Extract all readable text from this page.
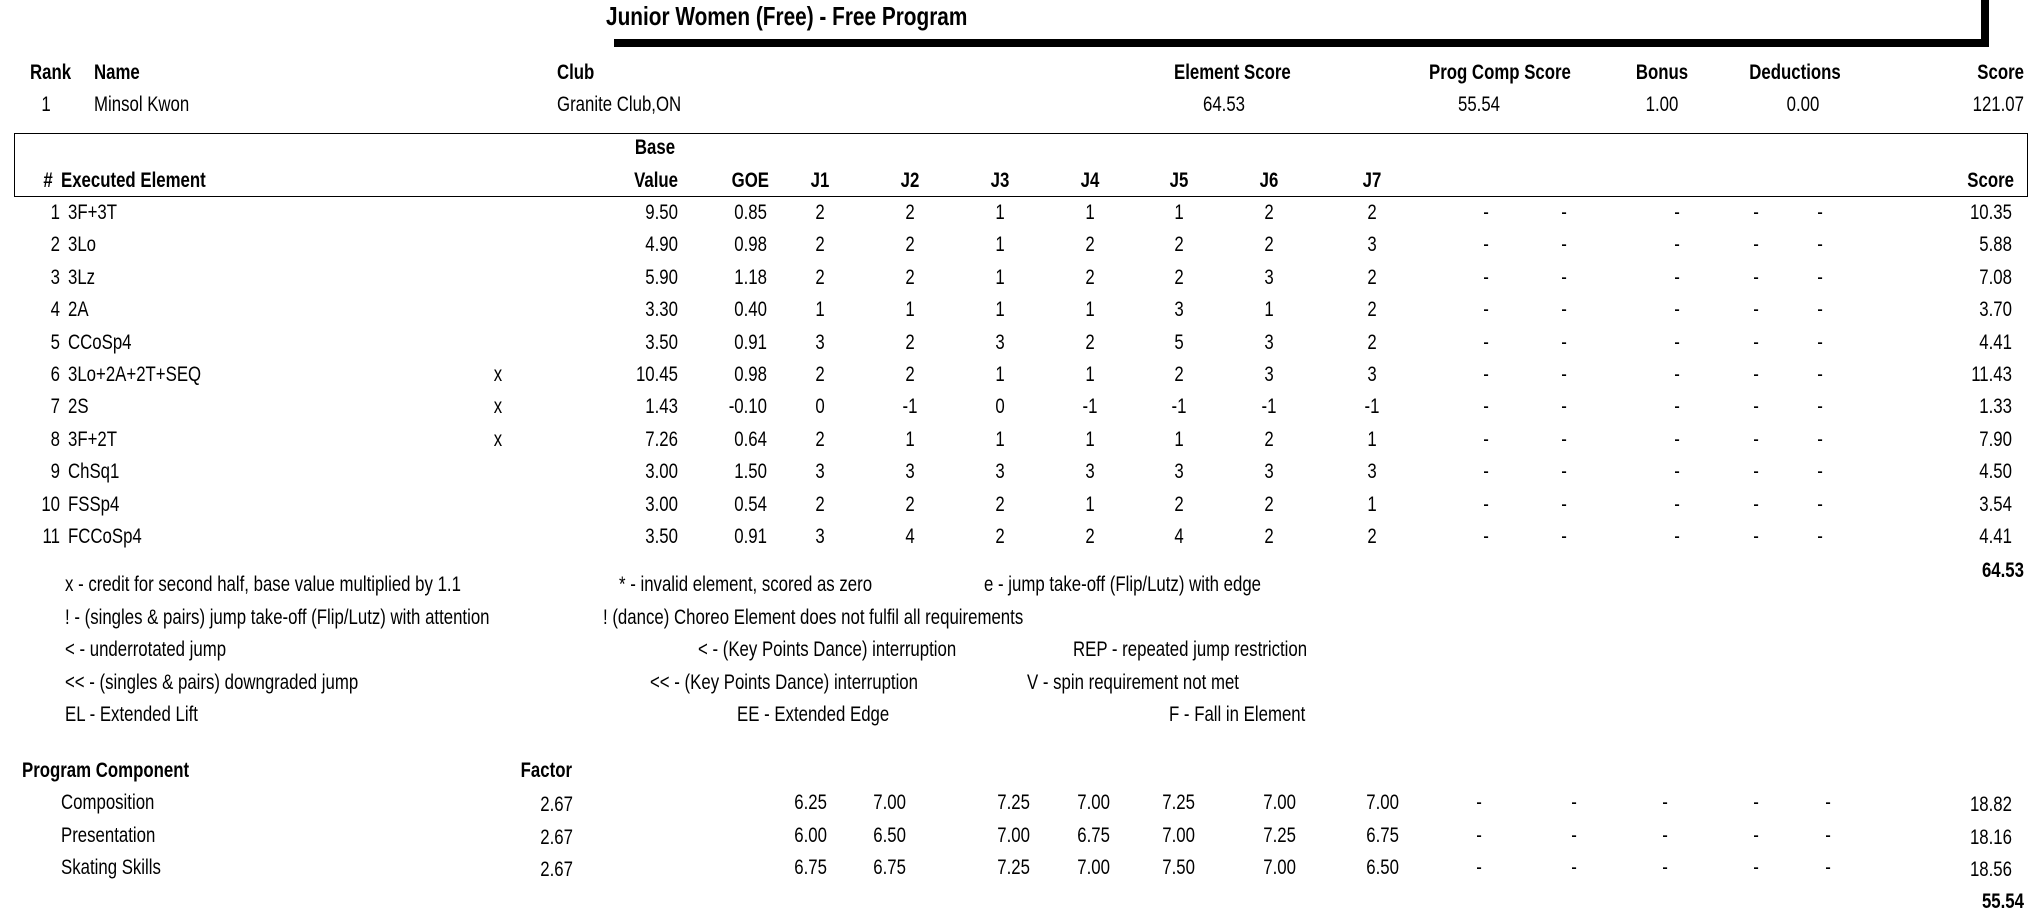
Junior Women (Free) - Free Program
Rank Name	Club	Element Score	Prog Comp Score	Bonus	Deductions	Score
1	Minsol Kwon	Granite Club,ON	64.53	55.54	1.00	0.00	121.07
# Executed Element
Base
Value	GOE	J1	J2	J3	J4	J5	J6	J7	Score
1 3F+3T	9.50	0.85	2	2	1	1	1	2	2	-	-	-	-	-	10.35
2 3Lo	4.90	0.98	2	2	1	2	2	2	3	-	-	-	-	-	5.88
3 3Lz	5.90	1.18	2	2	1	2	2	3	2	-	-	-	-	-	7.08
4 2A	3.30	0.40	1	1	1	1	3	1	2	-	-	-	-	-	3.70
5 CCoSp4	3.50	0.91	3	2	3	2	5	3	2	-	-	-	-	-	4.41
6 3Lo+2A+2T+SEQ	x	10.45	0.98	2	2	1	1	2	3	3	-	-	-	-	-	11.43
7 2S	x	1.43	-0.10	0	-1	0	-1	-1	-1	-1	-	-	-	-	-	1.33
8 3F+2T	x	7.26	0.64	2	1	1	1	1	2	1	-	-	-	-	-	7.90
9 ChSq1	3.00	1.50	3	3	3	3	3	3	3	-	-	-	-	-	4.50
10 FSSp4	3.00	0.54	2	2	2	1	2	2	1	-	-	-	-	-	3.54
11 FCCoSp4	3.50	0.91	3	4	2	2	4	2	2	-	-	-	-	-	4.41
64.53
x - credit for second half, base value multiplied by 1.1	* - invalid element, scored as zero	e - jump take-off (Flip/Lutz) with edge
! - (singles & pairs) jump take-off (Flip/Lutz) with attention	! (dance) Choreo Element does not fulfil all requirements
< - underrotated jump	< - (Key Points Dance) interruption	REP - repeated jump restriction
<< - (singles & pairs) downgraded jump	<< - (Key Points Dance) interruption	V - spin requirement not met
EL - Extended Lift	EE - Extended Edge	F - Fall in Element
Program Component	Factor
Composition	2.67	6.25	7.00	7.25	7.00	7.25	7.00	7.00	-	-	-	-	-	18.82
Presentation	2.67	6.00	6.50	7.00	6.75	7.00	7.25	6.75	-	-	-	-	-	18.16
Skating Skills	2.67	6.75	6.75	7.25	7.00	7.50	7.00	6.50	-	-	-	-	-	18.56
55.54
